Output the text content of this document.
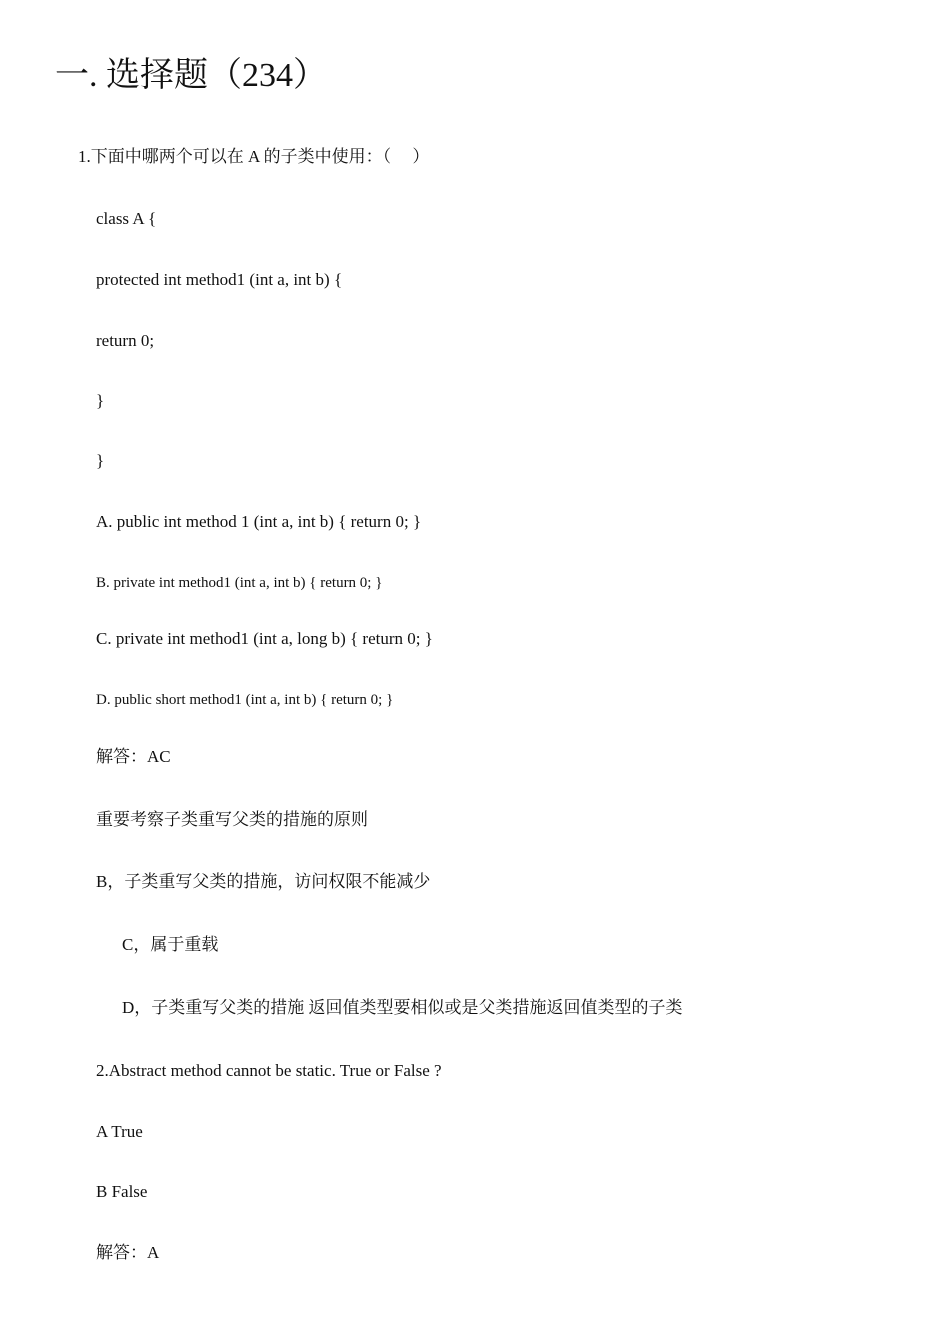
一. 选择题（234）
1.下面中哪两个可以在 A 的子类中使用：（　 ）
class A {
protected int method1 (int a, int b) {
return 0;
}
}
A. public int method 1 (int a, int b) { return 0; }
B. private int method1 (int a, int b) { return 0; }
C. private int method1 (int a, long b) { return 0; }
D. public short method1 (int a, int b) { return 0; }
解答：AC
重要考察子类重写父类的措施的原则
B，子类重写父类的措施，访问权限不能减少
C，属于重载
D，子类重写父类的措施 返回值类型要相似或是父类措施返回值类型的子类
2.Abstract method cannot be static. True or False ?
A True
B False
解答：A
